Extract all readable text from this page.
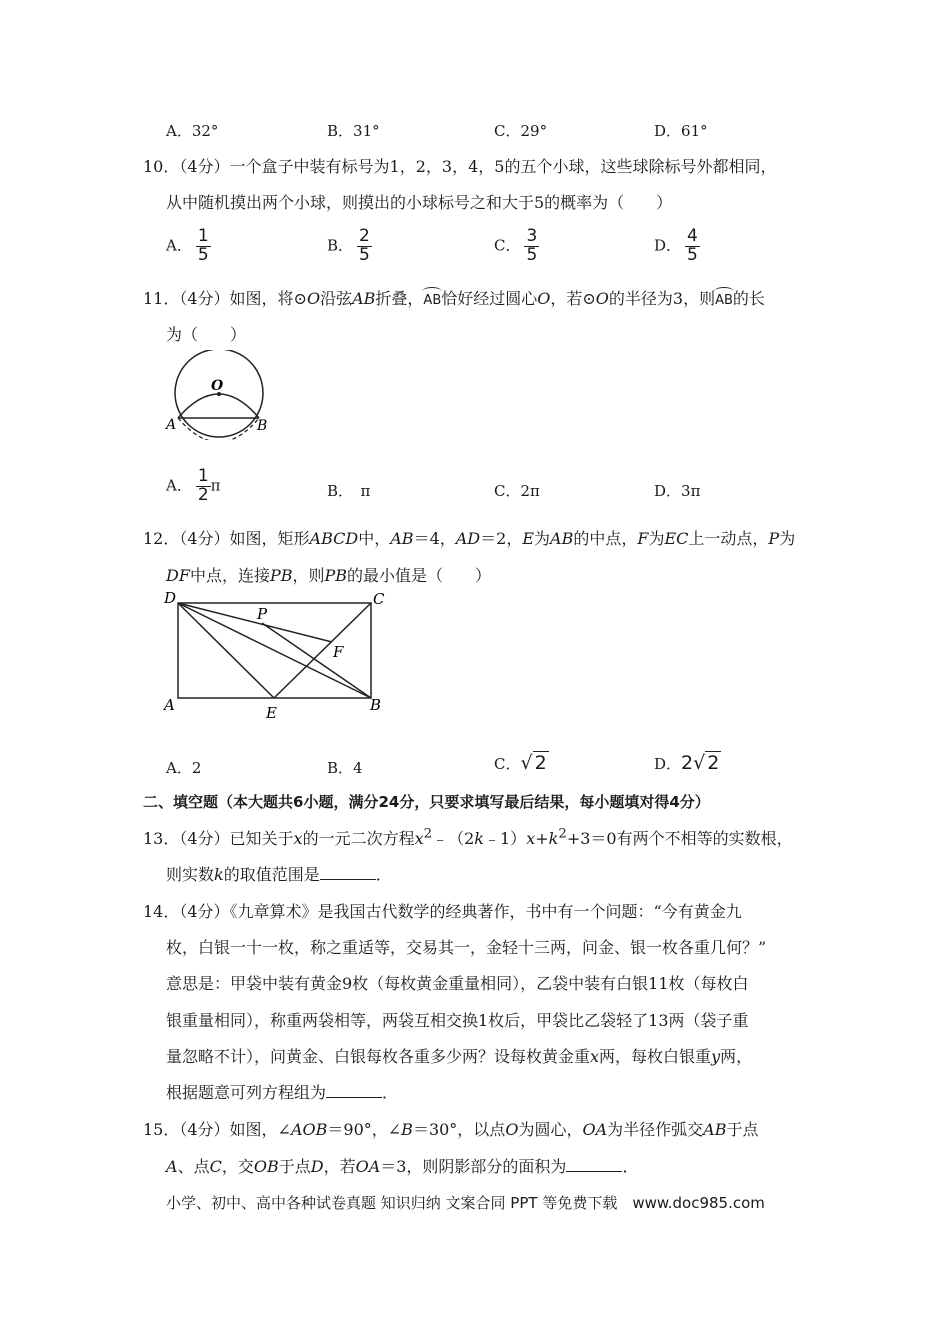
A．32°	B．31°	C．29°	D．61°
10．（4分）一个盒子中装有标号为1，2，3，4，5的五个小球，这些球除标号外都相同，
从中随机摸出两个小球，则摸出的小球标号之和大于5的概率为（　　）
A． $\frac{1}{5}$	B． $\frac{2}{5}$	C． $\frac{3}{5}$	D． $\frac{4}{5}$
11．（4分）如图，将⊙O沿弦AB折叠，AB恰好经过圆心O，若⊙O的半径为3，则AB的长
为（　　）
O
A	B
A． $\frac{1}{2}$ π	B．　π	C．2π	D．3π
12．（4分）如图，矩形ABCD中，AB＝4，AD＝2，E为AB的中点，F为EC上一动点，P为
DF中点，连接PB，则PB的最小值是（　　）
D	C
P
F
A	E	B
A．2	B．4	C．√ 2	D．2√ 2
二、填空题（本大题共6小题，满分24分，只要求填写最后结果，每小题填对得4分）
13．（4分）已知关于x的一元二次方程$x^2﹣(2k﹣1)x+k^2+3=0$有两个不相等的实数根，
则实数k的取值范围是	．
14．（4分）《九章算术》是我国古代数学的经典著作，书中有一个问题：“今有黄金九
枚，白银一十一枚，称之重适等，交易其一，金轻十三两，问金、银一枚各重几何？”
意思是：甲袋中装有黄金9枚（每枚黄金重量相同），乙袋中装有白银11枚（每枚白
银重量相同），称重两袋相等，两袋互相交换1枚后，甲袋比乙袋轻了13两（袋子重
量忽略不计），问黄金、白银每枚各重多少两？设每枚黄金重x两，每枚白银重y两，
根据题意可列方程组为	．
15．（4分）如图，∠AOB＝90°，∠B＝30°，以点O为圆心，OA为半径作弧交AB于点
A、点C，交OB于点D，若OA＝3，则阴影部分的面积为	．
小学、初中、高中各种试卷真题 知识归纳 文案合同 PPT 等免费下载　www.doc985.com
